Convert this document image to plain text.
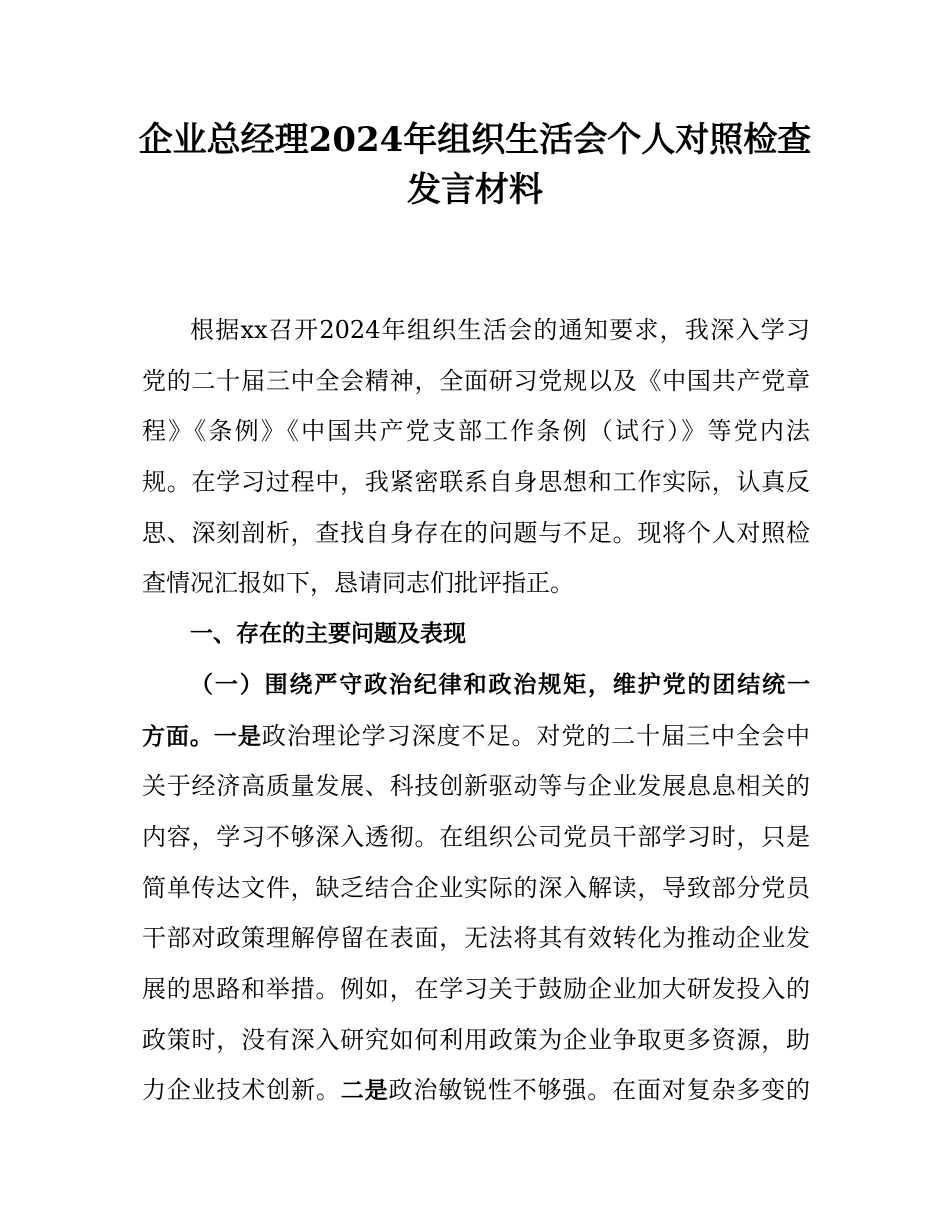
企业总经理2024年组织生活会个人对照检查
发言材料
根据xx召开2024年组织生活会的通知要求，我深入学习
党的二十届三中全会精神，全面研习党规以及《中国共产党章
程》《条例》《中国共产党支部工作条例（试行）》等党内法
规。在学习过程中，我紧密联系自身思想和工作实际，认真反
思、深刻剖析，查找自身存在的问题与不足。现将个人对照检
查情况汇报如下，恳请同志们批评指正。
一、存在的主要问题及表现
（一）围绕严守政治纪律和政治规矩，维护党的团结统一
方面。一是政治理论学习深度不足。对党的二十届三中全会中
关于经济高质量发展、科技创新驱动等与企业发展息息相关的
内容，学习不够深入透彻。在组织公司党员干部学习时，只是
简单传达文件，缺乏结合企业实际的深入解读，导致部分党员
干部对政策理解停留在表面，无法将其有效转化为推动企业发
展的思路和举措。例如，在学习关于鼓励企业加大研发投入的
政策时，没有深入研究如何利用政策为企业争取更多资源，助
力企业技术创新。二是政治敏锐性不够强。在面对复杂多变的
